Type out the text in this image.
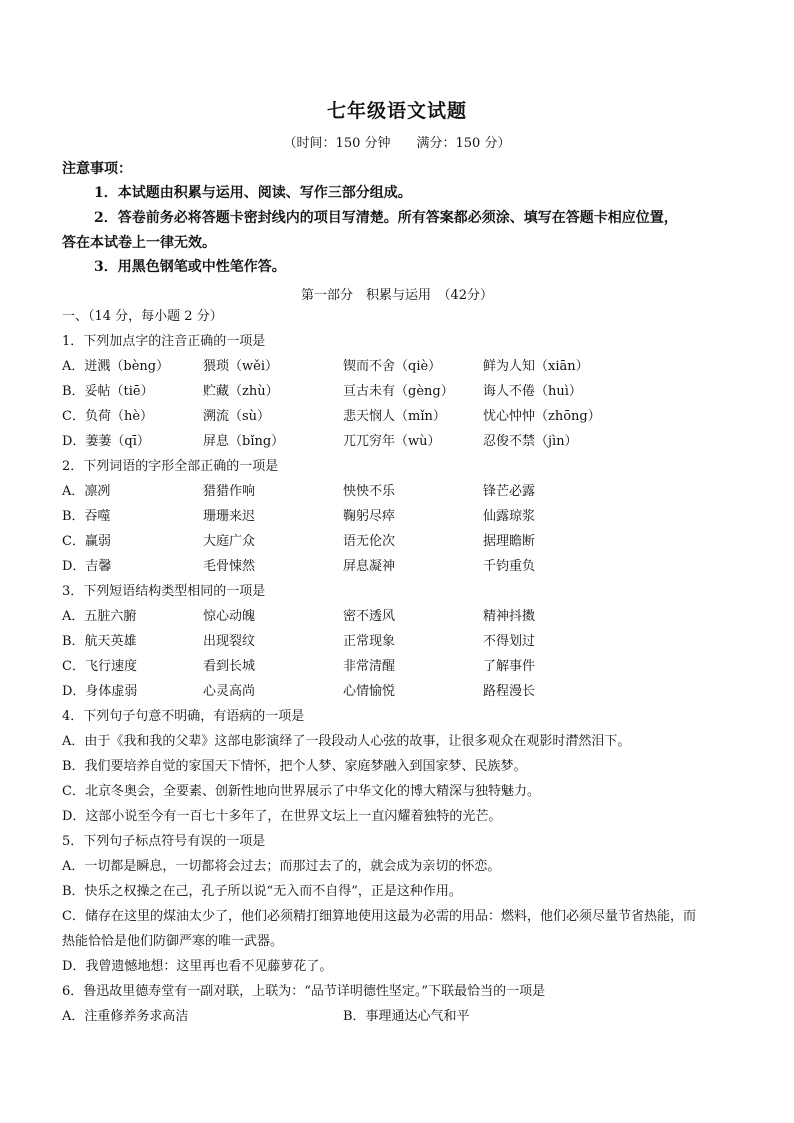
七年级语文试题
（时间：150 分钟　　满分：150 分）
注意事项：
1．本试题由积累与运用、阅读、写作三部分组成。
2．答卷前务必将答题卡密封线内的项目写清楚。所有答案都必须涂、填写在答题卡相应位置，
答在本试卷上一律无效。
3．用黑色钢笔或中性笔作答。
第一部分　积累与运用　（42分）
一、（14 分，每小题 2 分）
1．下列加点字的注音正确的一项是
A．迸溅（bèng）	猥琐（wěi）	锲而不舍（qiè）	鲜为人知（xiān）
B．妥帖（tiē）	贮藏（zhù）	亘古未有（gèng） 诲人不倦（huì）
C．负荷（hè）	溯流（sù）	悲天悯人（mǐn）	忧心忡忡（zhōng）
D．萋萋（qī）	屏息（bǐng）	兀兀穷年（wù）	忍俊不禁（jìn）
2．下列词语的字形全部正确的一项是
A．凛冽	猎猎作响	怏怏不乐	锋芒必露
B．吞噬	珊珊来迟	鞠躬尽瘁	仙露琼浆
C．赢弱	大庭广众	语无伦次	据理瞻断
D．吉馨	毛骨悚然	屏息凝神	千钧重负
3．下列短语结构类型相同的一项是
A．五脏六腑	惊心动魄	密不透风	精神抖擞
B．航天英雄	出现裂纹	正常现象	不得划过
C．飞行速度	看到长城	非常清醒	了解事件
D．身体虚弱	心灵高尚	心情愉悦	路程漫长
4．下列句子句意不明确，有语病的一项是
A．由于《我和我的父辈》这部电影演绎了一段段动人心弦的故事，让很多观众在观影时潸然泪下。
B．我们要培养自觉的家国天下情怀，把个人梦、家庭梦融入到国家梦、民族梦。
C．北京冬奥会，全要素、创新性地向世界展示了中华文化的博大精深与独特魅力。
D．这部小说至今有一百七十多年了，在世界文坛上一直闪耀着独特的光芒。
5．下列句子标点符号有误的一项是
A．一切都是瞬息，一切都将会过去；而那过去了的，就会成为亲切的怀恋。
B．快乐之权操之在己，孔子所以说“无入而不自得”，正是这种作用。
C．储存在这里的煤油太少了，他们必须精打细算地使用这最为必需的用品：燃料，他们必须尽量节省热能，而
热能恰恰是他们防御严寒的唯一武器。
D．我曾遗憾地想：这里再也看不见藤萝花了。
6．鲁迅故里德寿堂有一副对联，上联为：“品节详明德性坚定。”下联最恰当的一项是
A．注重修养务求高洁	B．事理通达心气和平
